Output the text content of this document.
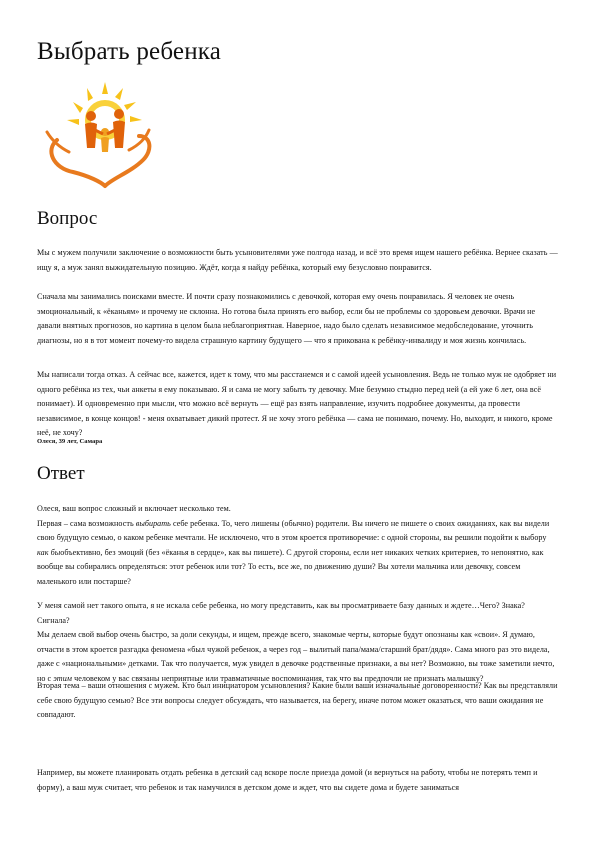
Выбрать ребенка
Вопрос

Мы с мужем получили заключение о возможности быть усыновителями уже полгода назад, и всё это время ищем нашего ребёнка. Вернее сказать — ищу я, а муж занял выжидательную позицию. Ждёт, когда я найду ребёнка, который ему безусловно понравится.

Сначала мы занимались поисками вместе. И почти сразу познакомились с девочкой, которая ему очень понравилась. Я человек не очень эмоциональный, к «ёканьям» и прочему не склонна. Но готова была принять его выбор, если бы не проблемы со здоровьем девочки. Врачи не давали внятных прогнозов, но картина в целом была неблагоприятная. Наверное, надо было сделать независимое медобследование, уточнить диагнозы, но я в тот момент почему-то видела страшную картину будущего — что я прикована к ребёнку-инвалиду и моя жизнь кончилась.

Мы написали тогда отказ. А сейчас все, кажется, идет к тому, что мы расстанемся и с самой идеей усыновления. Ведь не только муж не одобряет ни одного ребёнка из тех, чьи анкеты я ему показываю. Я и сама не могу забыть ту девочку. Мне безумно стыдно перед ней (а ей уже 6 лет, она всё понимает). И одновременно при мысли, что можно всё вернуть — ещё раз взять направление, изучить подробнее документы, да провести независимое, в конце концов! - меня охватывает дикий протест. Я не хочу этого ребёнка — сама не понимаю, почему. Но, выходит, и никого, кроме неё, не хочу?

Олеся, 39 лет, Самара
Ответ

Олеся, ваш вопрос сложный и включает несколько тем.

Первая – сама возможность выбирать себе ребенка. То, чего лишены (обычно) родители. Вы ничего не пишете о своих ожиданиях, как вы видели свою будущую семью, о каком ребенке мечтали. Не исключено, что в этом кроется противоречие: с одной стороны, вы решили подойти к выбору как быобъективно, без эмоций (без «ёканья в сердце», как вы пишете). С другой стороны, если нет никаких четких критериев, то непонятно, как вообще вы собирались определяться: этот ребенок или тот? То есть, все же, по движению души? Вы хотели мальчика или девочку, совсем маленького или постарше?

У меня самой нет такого опыта, я не искала себе ребенка, но могу представить, как вы просматриваете базу данных и ждете…Чего? Знака? Сигнала?

Мы делаем свой выбор очень быстро, за доли секунды, и ищем, прежде всего, знакомые черты, которые будут опознаны как «свои». Я думаю, отчасти в этом кроется разгадка феномена «был чужой ребенок, а через год – вылитый папа/мама/старший брат/дядя». Сама много раз это видела, даже с «национальными» детками. Так что получается, муж увидел в девочке родственные признаки, а вы нет? Возможно, вы тоже заметили нечто, но с этим человеком у вас связаны неприятные или травматичные воспоминания, так что вы предпочли не признать малышку?

Вторая тема – ваши отношения с мужем. Кто был инициатором усыновления? Какие были ваши изначальные договоренности? Как вы представляли себе свою будущую семью? Все эти вопросы следует обсуждать, что называется, на берегу, иначе потом может оказаться, что ваши ожидания не совпадают.

Например, вы можете планировать отдать ребенка в детский сад вскоре после приезда домой (и вернуться на работу, чтобы не потерять темп и форму), а ваш муж считает, что ребенок и так намучился в детском доме и ждет, что вы сидете дома и будете заниматься
